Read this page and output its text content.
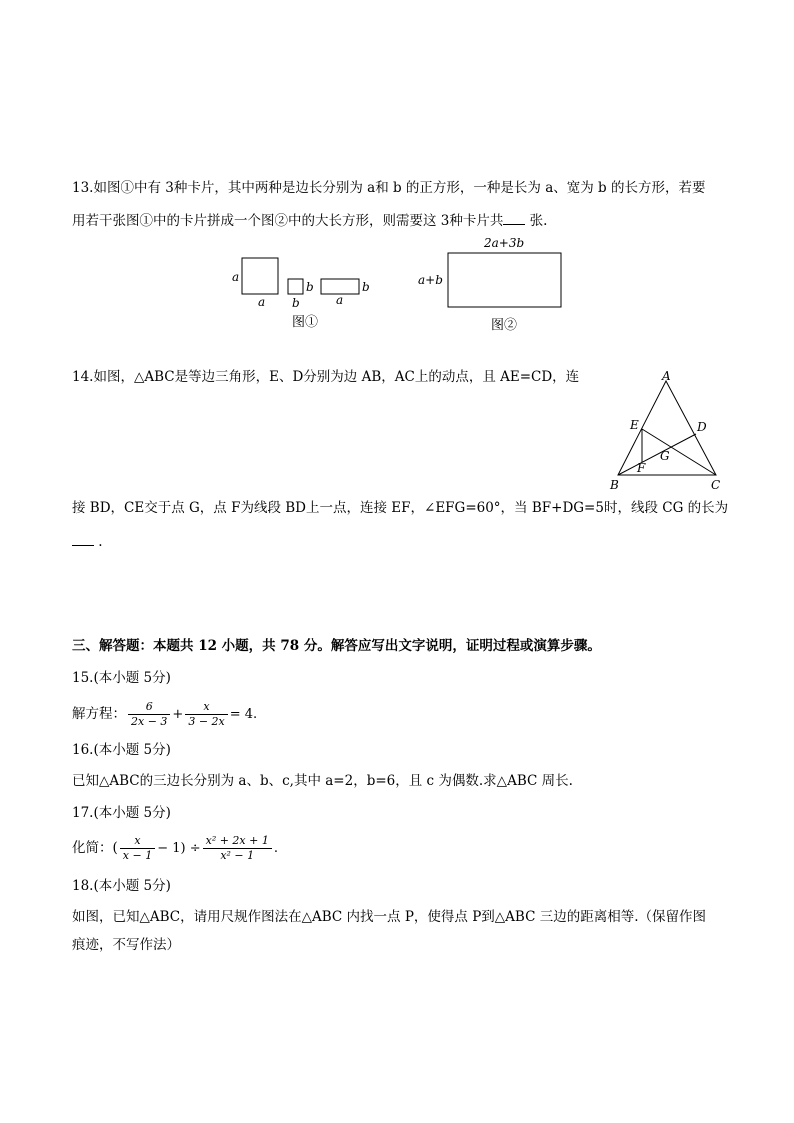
13.如图①中有 3种卡片，其中两种是边长分别为 a和 b 的正方形，一种是长为 a、宽为 b 的长方形，若要
用若干张图①中的卡片拼成一个图②中的大长方形，则需要这 3种卡片共 张.
a
a
b
b	a
b
图①
2a+3b
a+b
图②
14.如图，△ABC是等边三角形，E、D分别为边 AB，AC上的动点，且 AE=CD，连	A
B	C
D
E
F
G
接 BD，CE交于点 G，点 F为线段 BD上一点，连接 EF，∠EFG=60°，当 BF+DG=5时，线段 CG 的长为
.
三、解答题：本题共 12 小题，共 78 分。解答应写出文字说明，证明过程或演算步骤。
15.(本小题 5分)
解方程： $\frac{6}{2x - 3} + \frac{x}{3 - 2x} = 4$.
16.(本小题 5分)
已知△ABC的三边长分别为 a、b、c,其中 a=2，b=6，且 c 为偶数.求△ABC 周长.
17.(本小题 5分)
化简：( $\frac{x}{x - 1} - 1) \div \frac{\text{x² + 2x + 1}}{\text{x² − 1}}$ .
18.(本小题 5分)
如图，已知△ABC，请用尺规作图法在△ABC 内找一点 P，使得点 P到△ABC 三边的距离相等.（保留作图
痕迹，不写作法）
